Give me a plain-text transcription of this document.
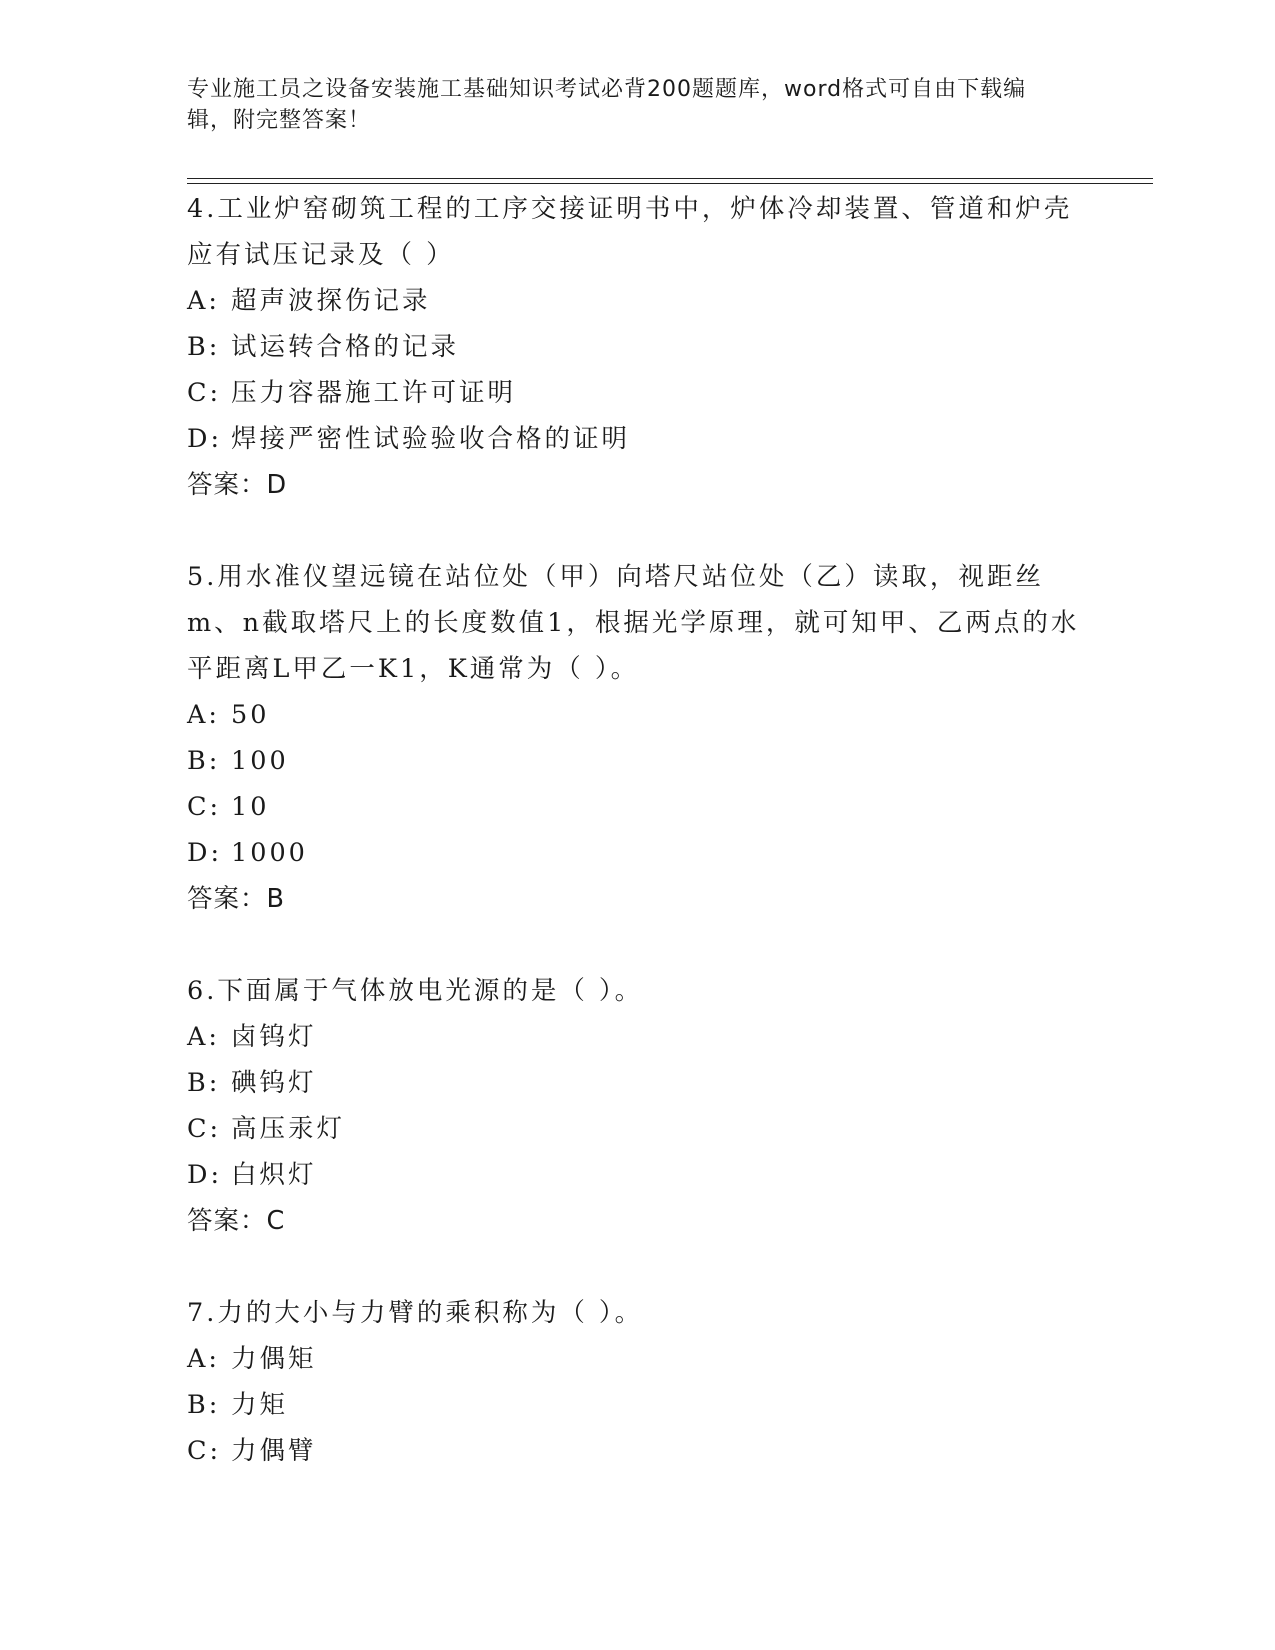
专业施工员之设备安装施工基础知识考试必背200题题库，word格式可自由下载编辑，附完整答案！

4.工业炉窑砌筑工程的工序交接证明书中，炉体冷却装置、管道和炉壳应有试压记录及（ ）

A: 超声波探伤记录

B: 试运转合格的记录

C: 压力容器施工许可证明

D: 焊接严密性试验验收合格的证明

答案：D

5.用水准仪望远镜在站位处（甲）向塔尺站位处（乙）读取，视距丝m、n截取塔尺上的长度数值1，根据光学原理，就可知甲、乙两点的水平距离L甲乙一K1，K通常为（ ）。

A: 50

B: 100

C: 10

D: 1000

答案：B

6.下面属于气体放电光源的是（ ）。

A: 卤钨灯

B: 碘钨灯

C: 高压汞灯

D: 白炽灯

答案：C

7.力的大小与力臂的乘积称为（ ）。

A: 力偶矩

B: 力矩

C: 力偶臂
